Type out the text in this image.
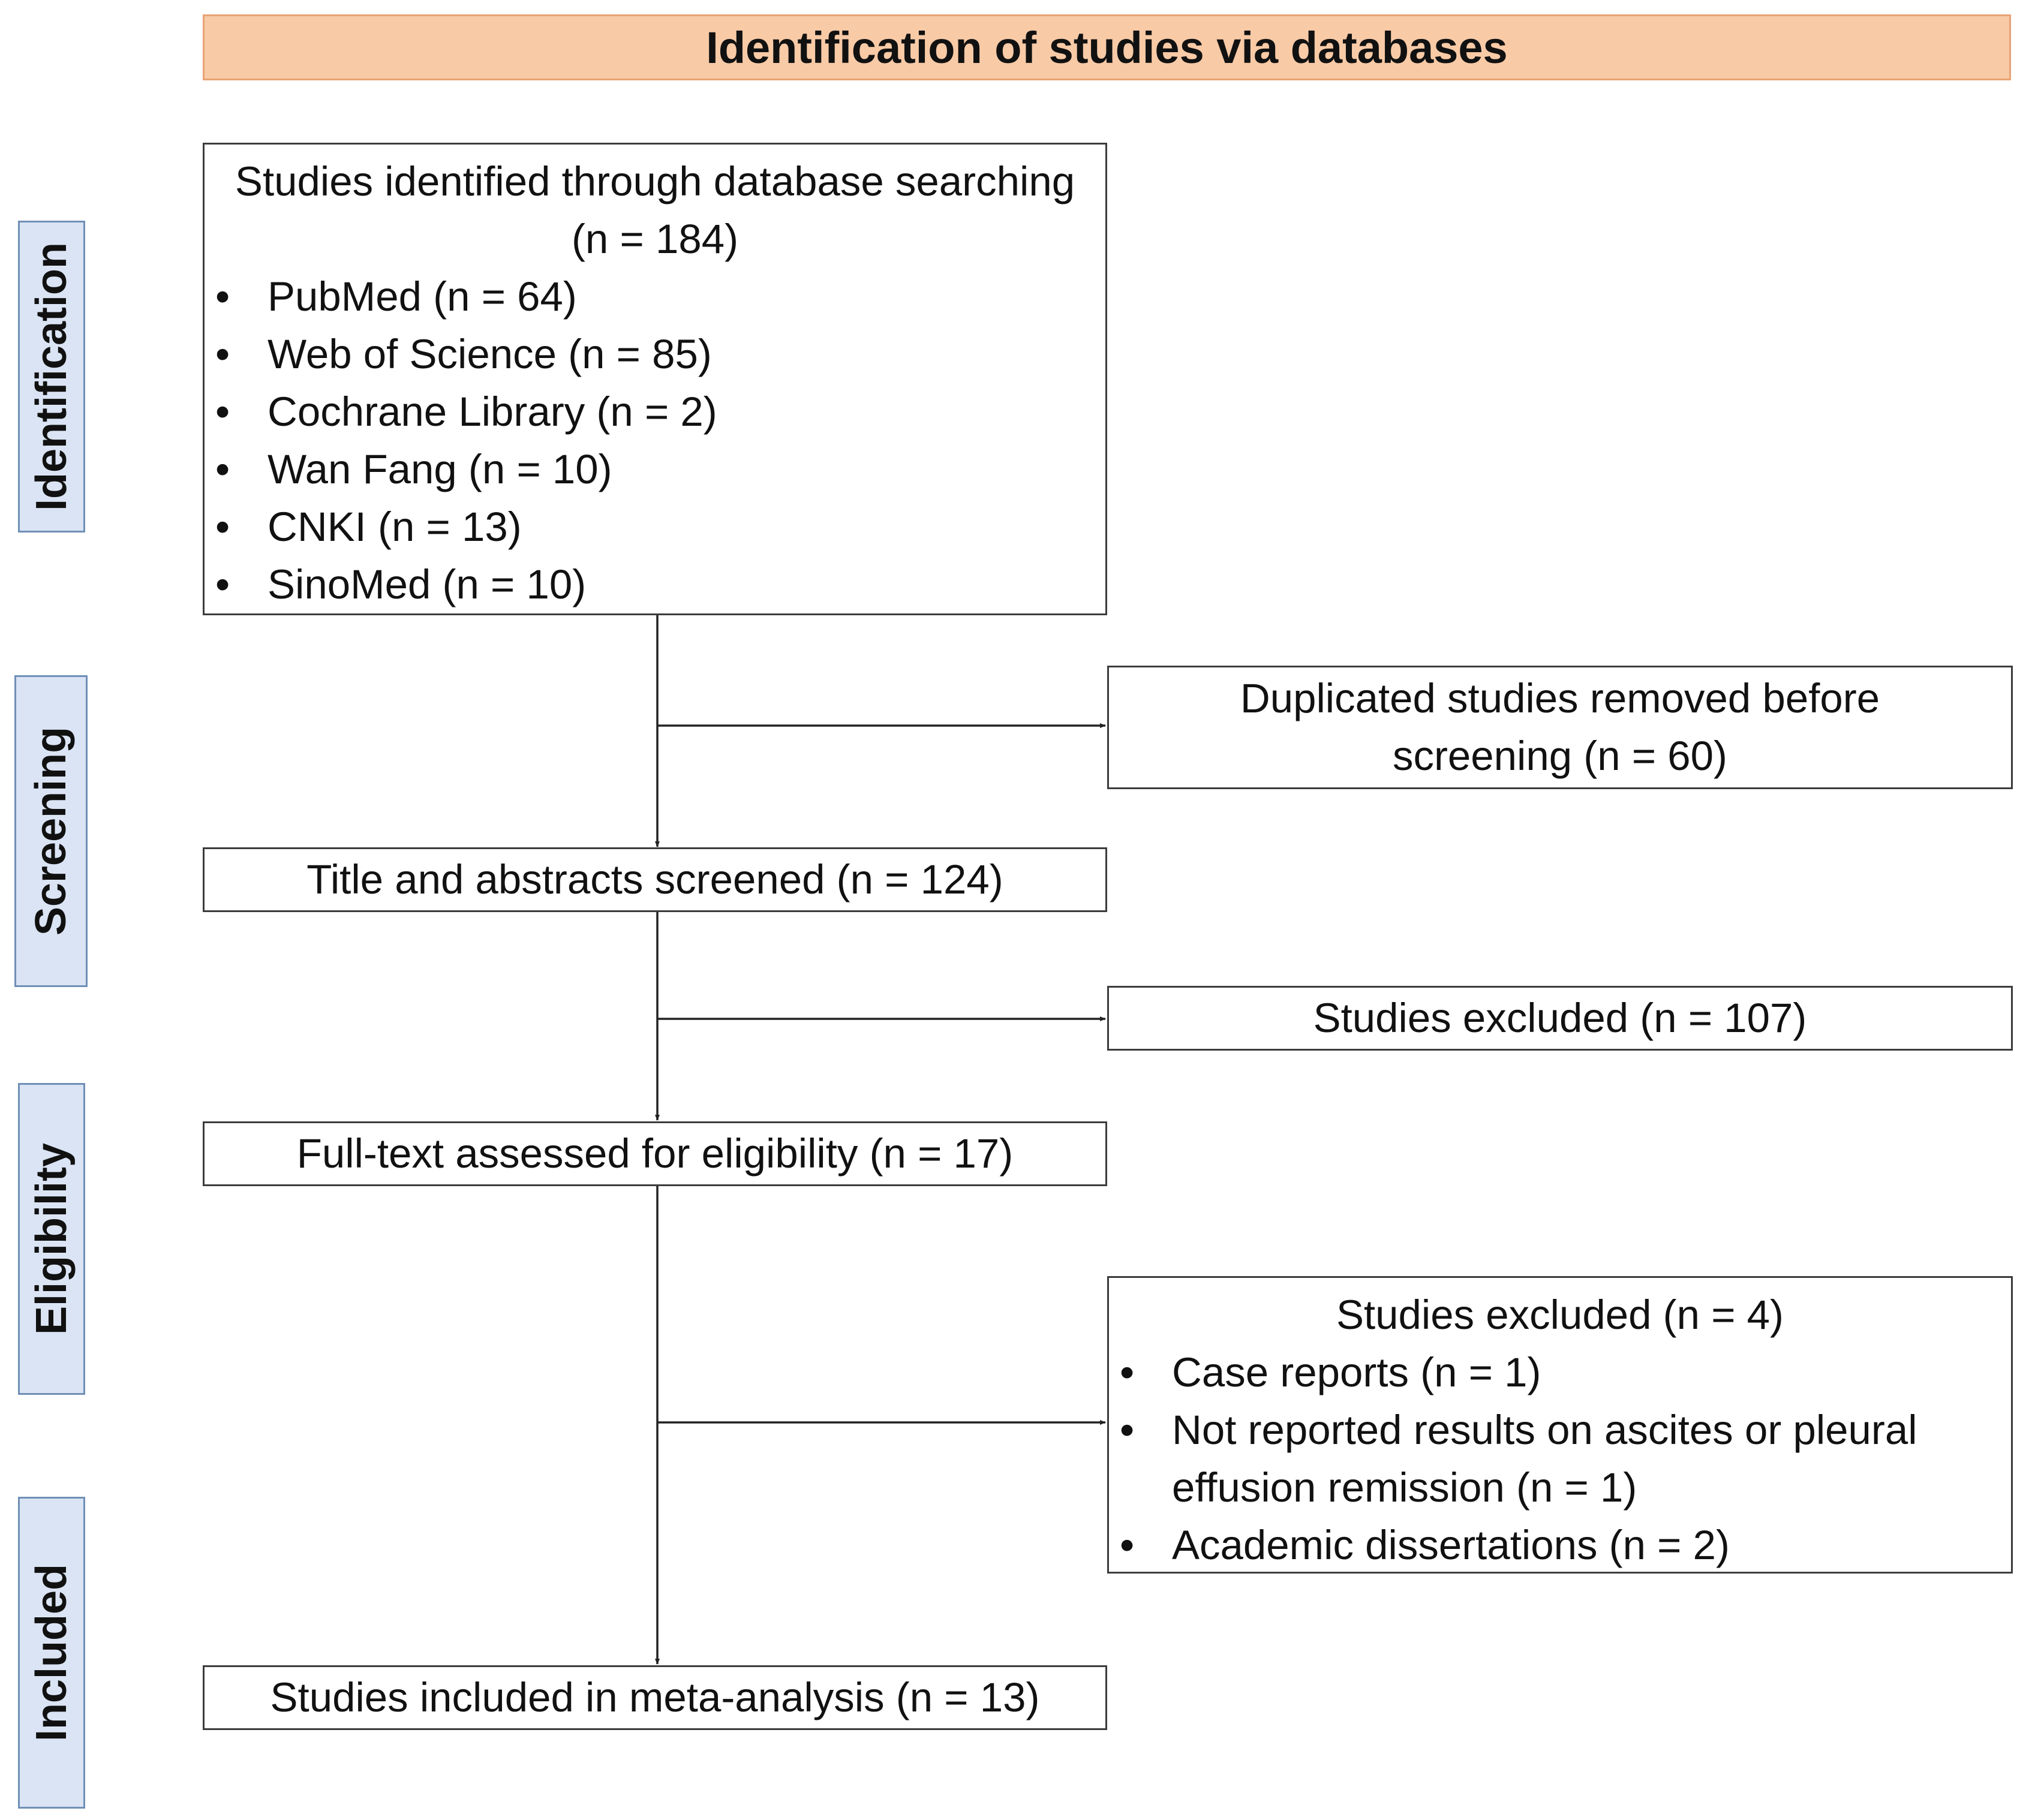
Identification of studies via databases
Identification
Screening
Eligibility
Included
Studies identified through database searching (n = 184)
• PubMed (n = 64)
• Web of Science (n = 85)
• Cochrane Library (n = 2)
• Wan Fang (n = 10)
• CNKI (n = 13)
• SinoMed (n = 10)
Duplicated studies removed before screening (n = 60)
Title and abstracts screened (n = 124)
Studies excluded (n = 107)
Full-text assessed for eligibility (n = 17)
Studies excluded (n = 4)
• Case reports (n = 1)
• Not reported results on ascites or pleural effusion remission (n = 1)
• Academic dissertations (n = 2)
Studies included in meta-analysis (n = 13)
